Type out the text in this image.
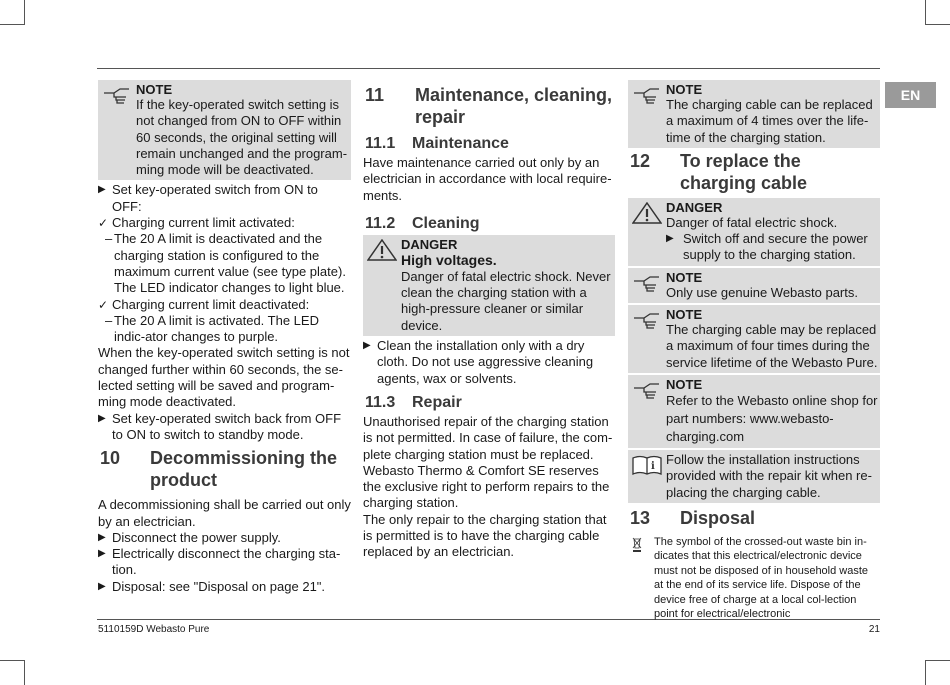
EN
NOTE

If the key-operated switch setting is not changed from ON to OFF within 60 seconds, the original setting will remain unchanged and the program-ming mode will be deactivated.

▶ Set key-operated switch from ON to OFF:
✓ Charging current limit activated:
– The 20 A limit is deactivated and the charging station is configured to the maximum current value (see type plate). The LED indicator changes to light blue.
✓ Charging current limit deactivated:
– The 20 A limit is activated. The LED indic-ator changes to purple.

When the key-operated switch setting is not changed further within 60 seconds, the se-lected setting will be saved and program-ming mode deactivated.

▶ Set key-operated switch back from OFF to ON to switch to standby mode.
10 Decommissioning the product

A decommissioning shall be carried out only by an electrician.

▶ Disconnect the power supply.
▶ Electrically disconnect the charging sta-tion.
▶ Disposal: see "Disposal on page 21".
11 Maintenance, cleaning, repair
11.1 Maintenance

Have maintenance carried out only by an electrician in accordance with local require-ments.

11.2 Cleaning
DANGER
High voltages.

Danger of fatal electric shock. Never clean the charging station with a high-pressure cleaner or similar device.

▶ Clean the installation only with a dry cloth. Do not use aggressive cleaning agents, wax or solvents.
11.3 Repair

Unauthorised repair of the charging station is not permitted. In case of failure, the com-plete charging station must be replaced. Webasto Thermo & Comfort SE reserves the exclusive right to perform repairs to the charging station.

The only repair to the charging station that is permitted is to have the charging cable replaced by an electrician.

NOTE

The charging cable can be replaced a maximum of 4 times over the life-time of the charging station.

12 To replace the charging cable
DANGER

Danger of fatal electric shock.

▶ Switch off and secure the power supply to the charging station.
NOTE

Only use genuine Webasto parts.

NOTE

The charging cable may be replaced a maximum of four times during the service lifetime of the Webasto Pure.

NOTE

Refer to the Webasto online shop for part numbers: www.webasto-charging.com

i Follow the installation instructions provided with the repair kit when re-placing the charging cable.

13 Disposal

The symbol of the crossed-out waste bin in-dicates that this electrical/electronic device must not be disposed of in household waste at the end of its service life. Dispose of the device free of charge at a local col-lection point for electrical/electronic

5110159D Webasto Pure	21
